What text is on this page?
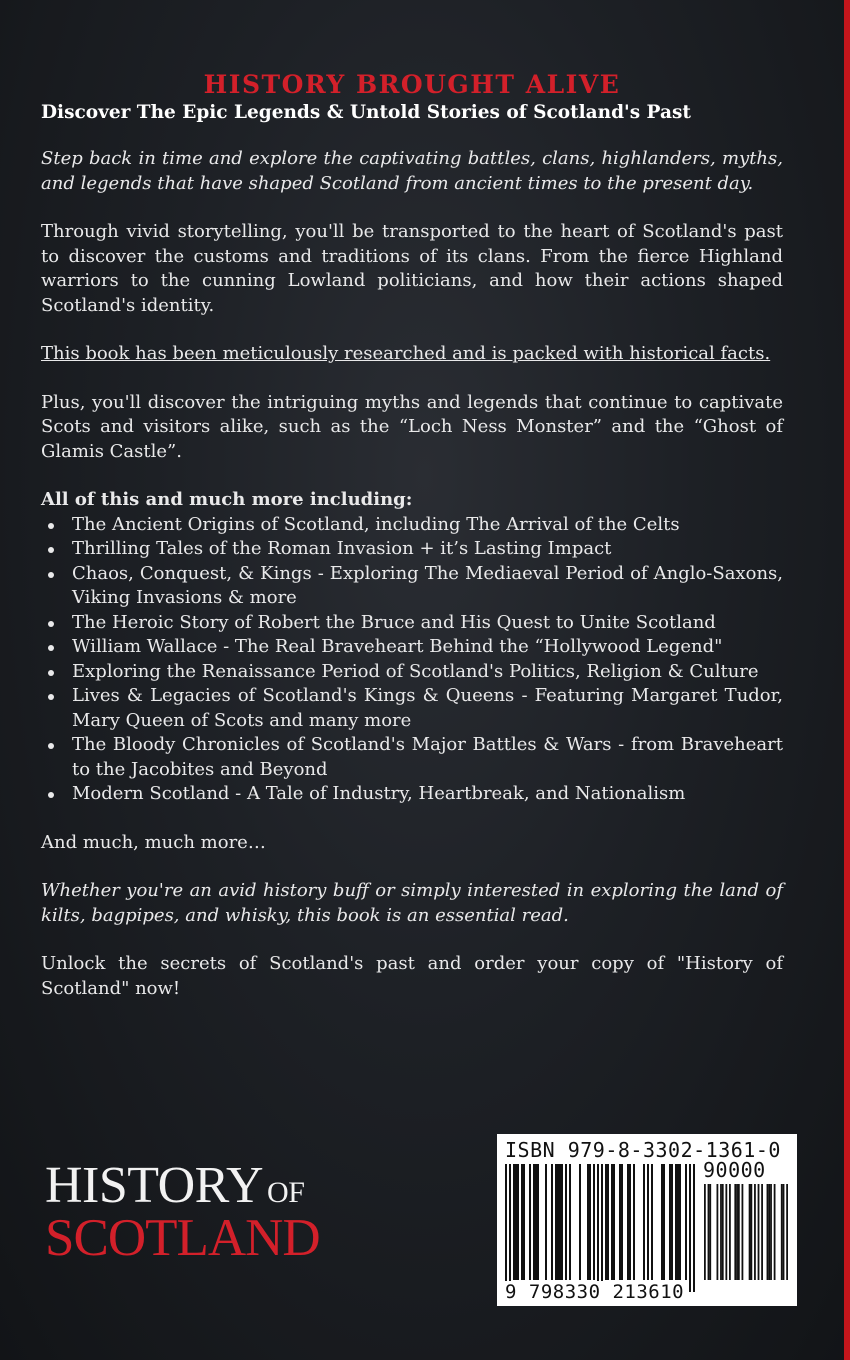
HISTORY BROUGHT ALIVE
Discover The Epic Legends & Untold Stories of Scotland's Past

Step back in time and explore the captivating battles, clans, highlanders, myths, and legends that have shaped Scotland from ancient times to the present day.

Through vivid storytelling, you'll be transported to the heart of Scotland's past to discover the customs and traditions of its clans. From the fierce Highland warriors to the cunning Lowland politicians, and how their actions shaped Scotland's identity.

This book has been meticulously researched and is packed with historical facts.

Plus, you'll discover the intriguing myths and legends that continue to captivate Scots and visitors alike, such as the “Loch Ness Monster” and the “Ghost of Glamis Castle”.

All of this and much more including:
The Ancient Origins of Scotland, including The Arrival of the Celts
Thrilling Tales of the Roman Invasion + it’s Lasting Impact
Chaos, Conquest, & Kings - Exploring The Mediaeval Period of Anglo-Saxons, Viking Invasions & more
The Heroic Story of Robert the Bruce and His Quest to Unite Scotland
William Wallace - The Real Braveheart Behind the “Hollywood Legend"
Exploring the Renaissance Period of Scotland's Politics, Religion & Culture
Lives & Legacies of Scotland's Kings & Queens - Featuring Margaret Tudor, Mary Queen of Scots and many more
The Bloody Chronicles of Scotland's Major Battles & Wars - from Braveheart to the Jacobites and Beyond
Modern Scotland - A Tale of Industry, Heartbreak, and Nationalism

And much, much more…

Whether you're an avid history buff or simply interested in exploring the land of kilts, bagpipes, and whisky, this book is an essential read.

Unlock the secrets of Scotland's past and order your copy of "History of Scotland" now!

HISTORY OF
SCOTLAND
ISBN 979-8-3302-1361-0
90000
9 798330 213610
